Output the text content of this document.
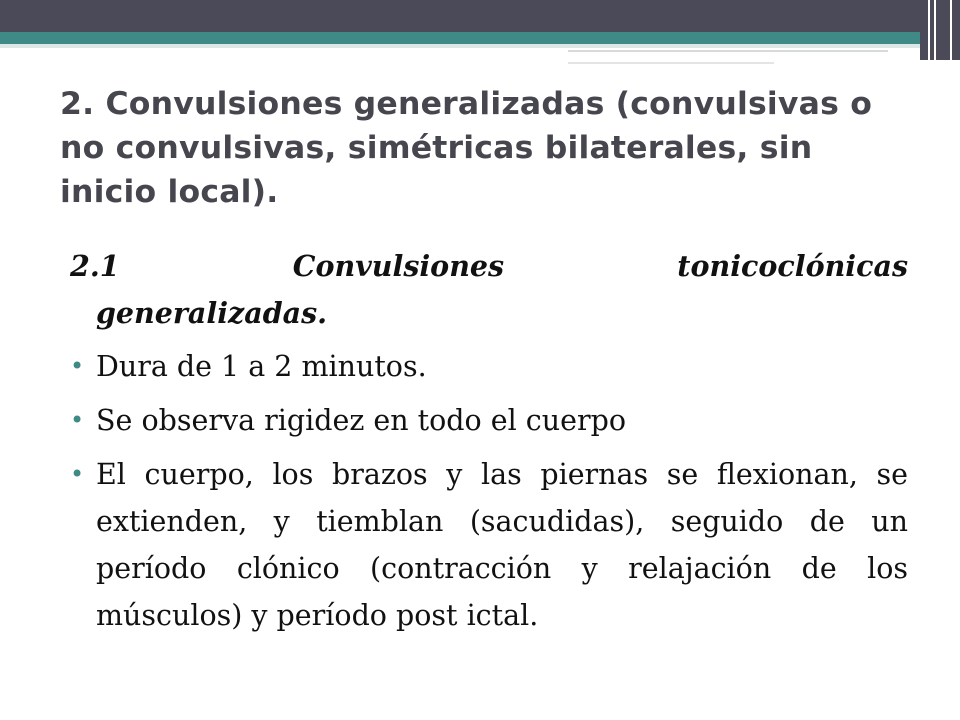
2. Convulsiones generalizadas (convulsivas o no convulsivas, simétricas bilaterales, sin inicio local).

2.1 Convulsiones tonicoclónicas

generalizadas.

• Dura de 1 a 2 minutos.
• Se observa rigidez en todo el cuerpo
• El cuerpo, los brazos y las piernas se flexionan, se extienden, y tiemblan (sacudidas), seguido de un período clónico (contracción y relajación de los músculos) y período post ictal.
